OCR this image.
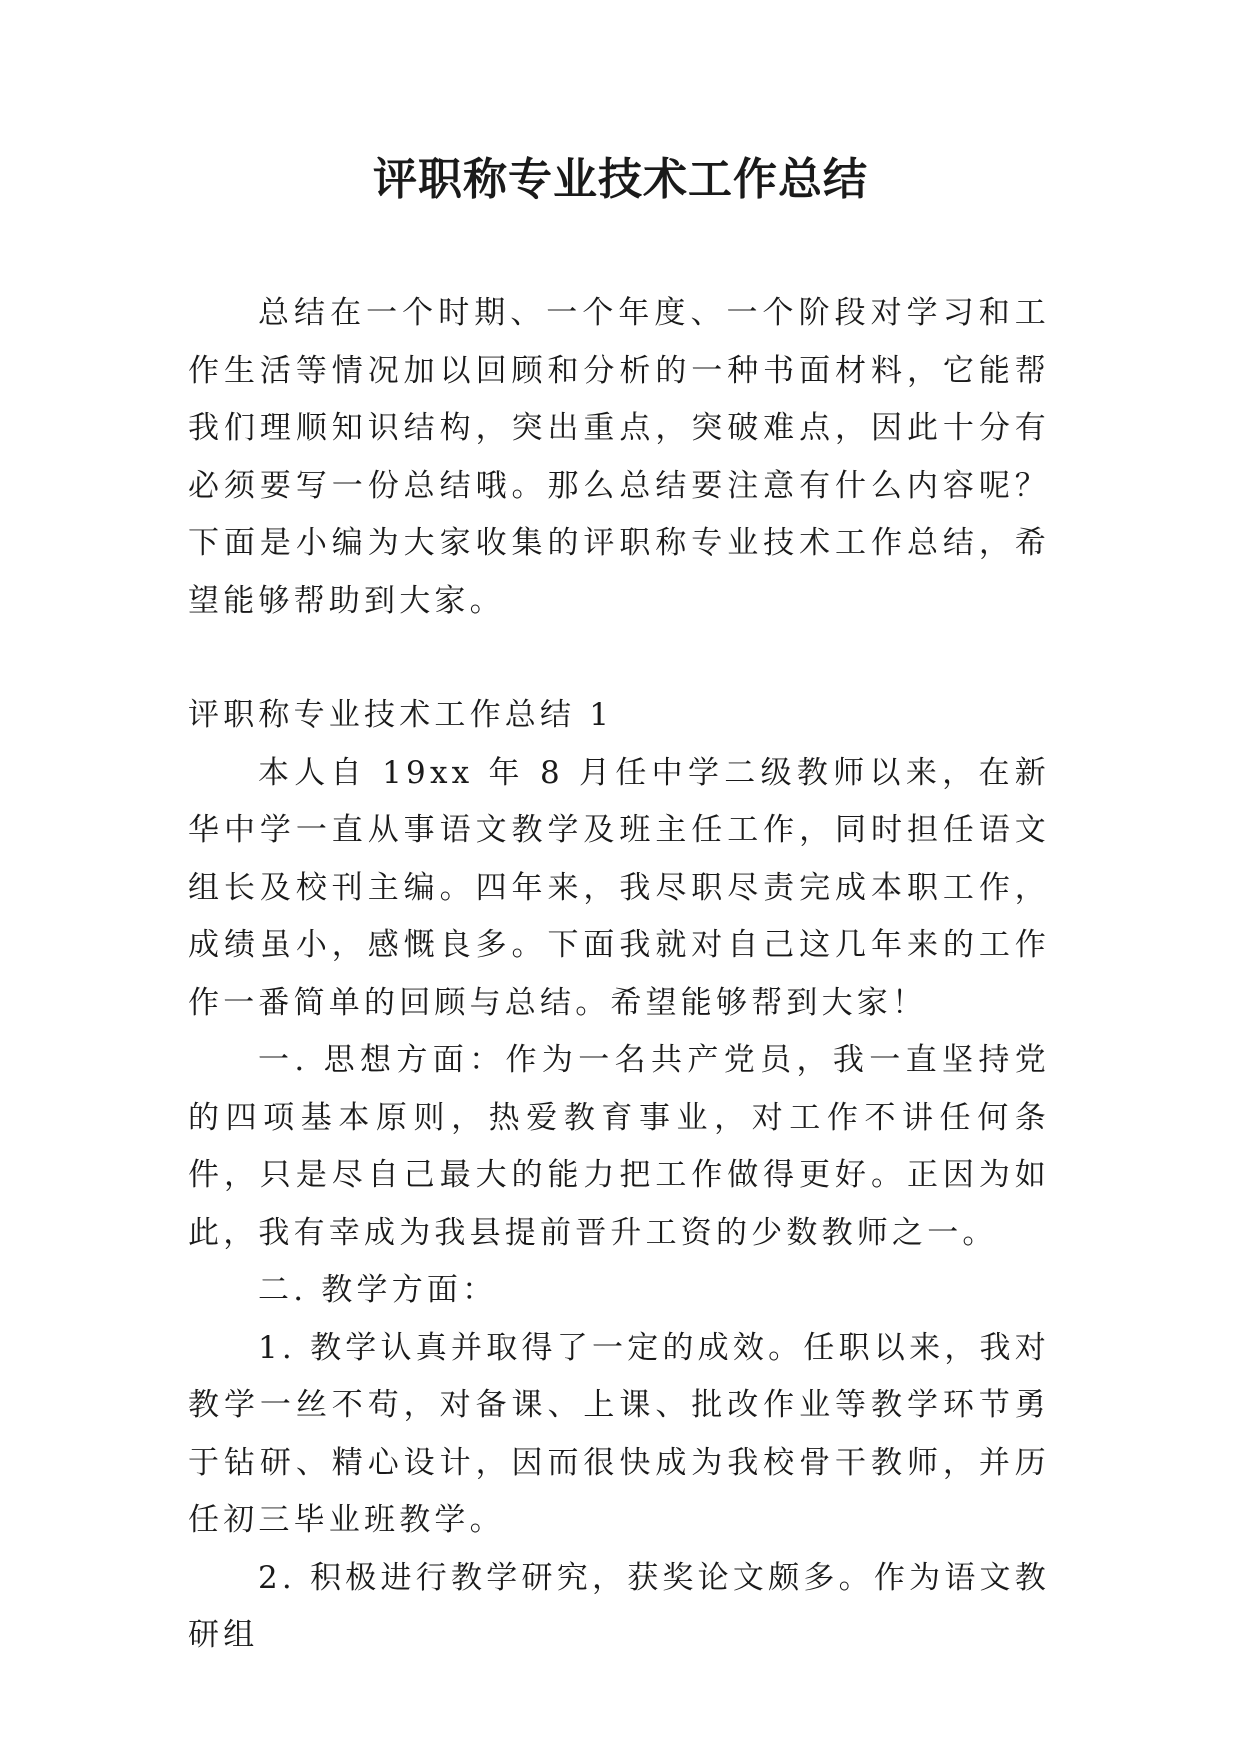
评职称专业技术工作总结

总结在一个时期、一个年度、一个阶段对学习和工作生活等情况加以回顾和分析的一种书面材料，它能帮我们理顺知识结构，突出重点，突破难点，因此十分有必须要写一份总结哦。那么总结要注意有什么内容呢？下面是小编为大家收集的评职称专业技术工作总结，希望能够帮助到大家。

评职称专业技术工作总结 1

本人自 19xx 年 8 月任中学二级教师以来，在新华中学一直从事语文教学及班主任工作，同时担任语文组长及校刊主编。四年来，我尽职尽责完成本职工作，成绩虽小，感慨良多。下面我就对自己这几年来的工作作一番简单的回顾与总结。希望能够帮到大家！

一. 思想方面：作为一名共产党员，我一直坚持党的四项基本原则，热爱教育事业，对工作不讲任何条件，只是尽自己最大的能力把工作做得更好。正因为如此，我有幸成为我县提前晋升工资的少数教师之一。

二. 教学方面：

1. 教学认真并取得了一定的成效。任职以来，我对教学一丝不苟，对备课、上课、批改作业等教学环节勇于钻研、精心设计，因而很快成为我校骨干教师，并历任初三毕业班教学。

2. 积极进行教学研究，获奖论文颇多。作为语文教研组
